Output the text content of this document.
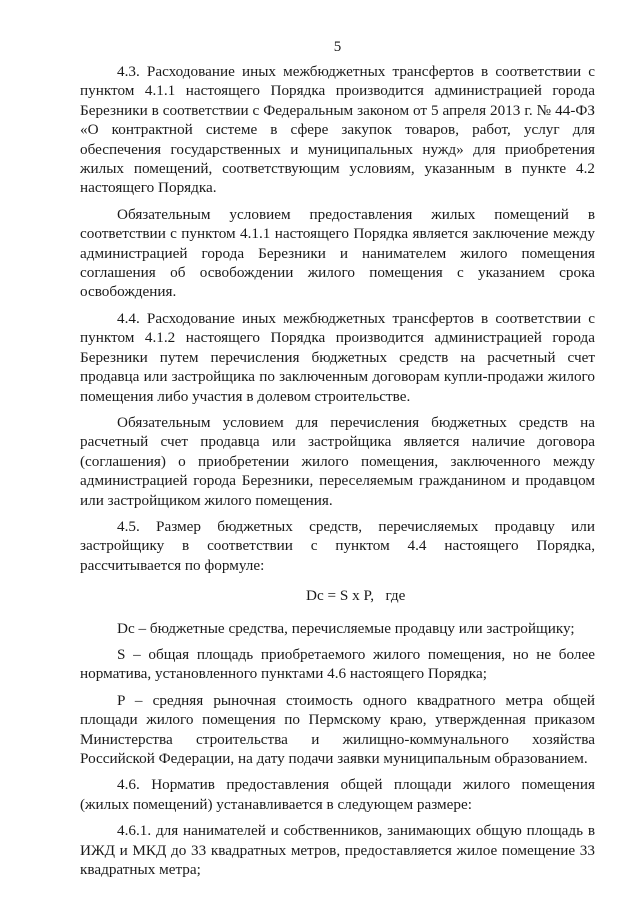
5

4.3. Расходование иных межбюджетных трансфертов в соответствии с пунктом 4.1.1 настоящего Порядка производится администрацией города Березники в соответствии с Федеральным законом от 5 апреля 2013 г. № 44-ФЗ «О контрактной системе в сфере закупок товаров, работ, услуг для обеспечения государственных и муниципальных нужд» для приобретения жилых помещений, соответствующим условиям, указанным в пункте 4.2 настоящего Порядка.

Обязательным условием предоставления жилых помещений в соответствии с пунктом 4.1.1 настоящего Порядка является заключение между администрацией города Березники и нанимателем жилого помещения соглашения об освобождении жилого помещения с указанием срока освобождения.

4.4. Расходование иных межбюджетных трансфертов в соответствии с пунктом 4.1.2 настоящего Порядка производится администрацией города Березники путем перечисления бюджетных средств на расчетный счет продавца или застройщика по заключенным договорам купли-продажи жилого помещения либо участия в долевом строительстве.

Обязательным условием для перечисления бюджетных средств на расчетный счет продавца или застройщика является наличие договора (соглашения) о приобретении жилого помещения, заключенного между администрацией города Березники, переселяемым гражданином и продавцом или застройщиком жилого помещения.

4.5. Размер бюджетных средств, перечисляемых продавцу или застройщику в соответствии с пунктом 4.4 настоящего Порядка, рассчитывается по формуле:

Dc = S x P,   где

Dc – бюджетные средства, перечисляемые продавцу или застройщику;

S – общая площадь приобретаемого жилого помещения, но не более норматива, установленного пунктами 4.6 настоящего Порядка;

P – средняя рыночная стоимость одного квадратного метра общей площади жилого помещения по Пермскому краю, утвержденная приказом Министерства строительства и жилищно-коммунального хозяйства Российской Федерации, на дату подачи заявки муниципальным образованием.

4.6. Норматив предоставления общей площади жилого помещения (жилых помещений) устанавливается в следующем размере:

4.6.1. для нанимателей и собственников, занимающих общую площадь в ИЖД и МКД до 33 квадратных метров, предоставляется жилое помещение 33 квадратных метра;
